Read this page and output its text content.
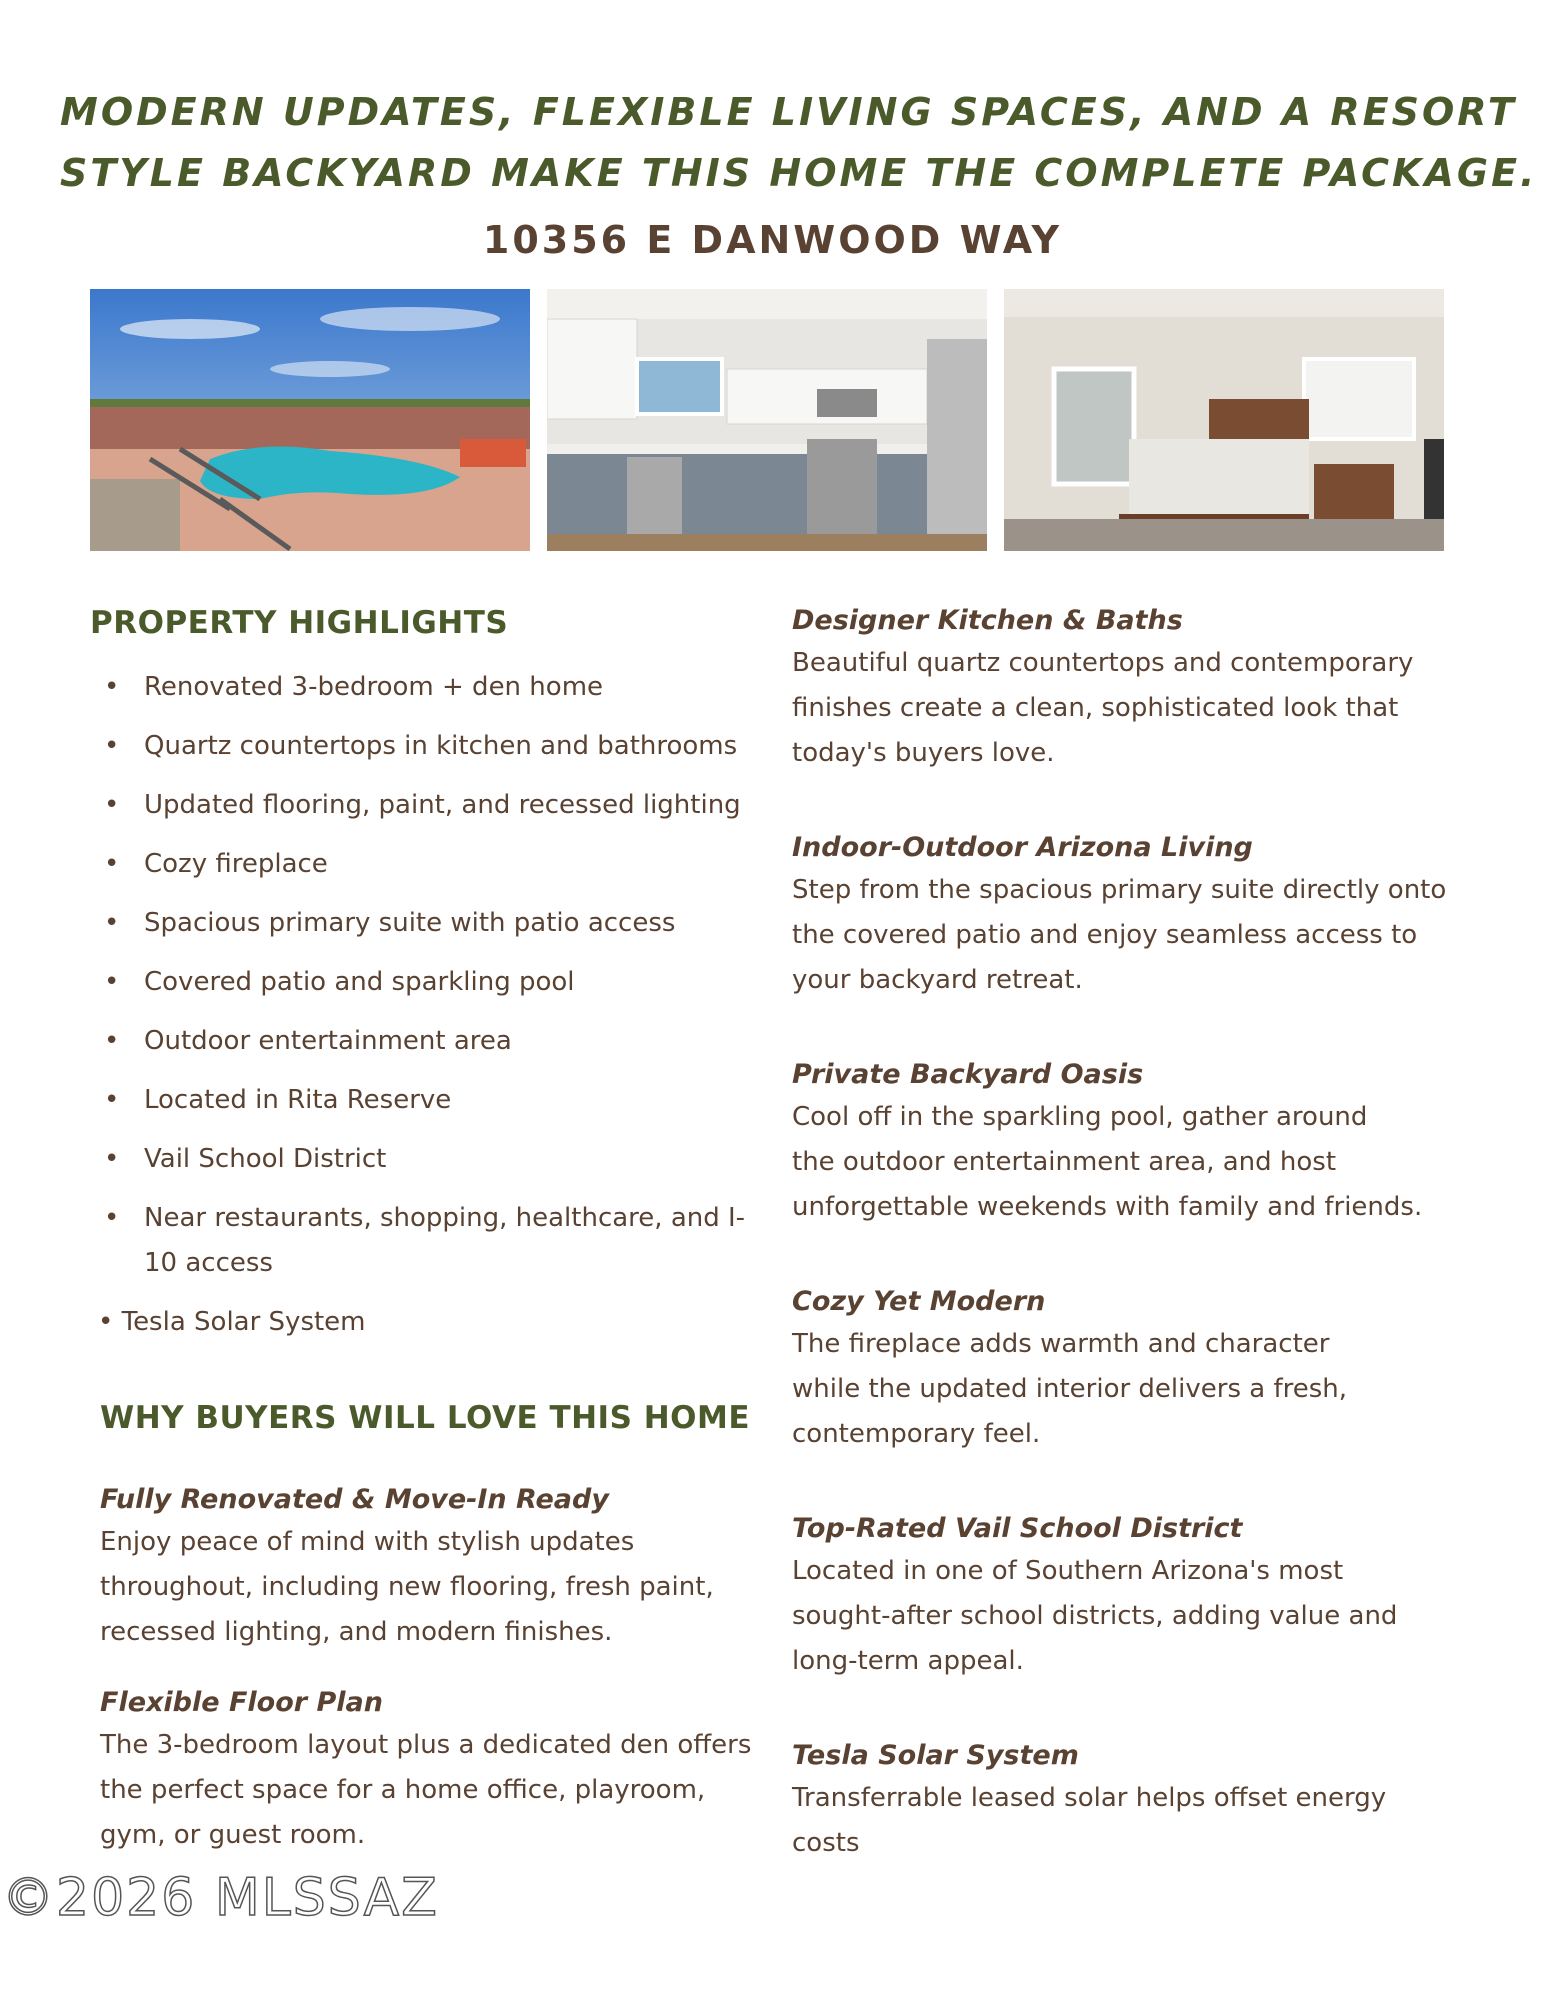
MODERN UPDATES, FLEXIBLE LIVING SPACES, AND A RESORT
STYLE BACKYARD MAKE THIS HOME THE COMPLETE PACKAGE.
10356 E DANWOOD WAY
PROPERTY HIGHLIGHTS
• Renovated 3-bedroom + den home
• Quartz countertops in kitchen and bathrooms
• Updated flooring, paint, and recessed lighting
• Cozy fireplace
• Spacious primary suite with patio access
• Covered patio and sparkling pool
• Outdoor entertainment area
• Located in Rita Reserve
• Vail School District
• Near restaurants, shopping, healthcare, and I-10 access
• Tesla Solar System
WHY BUYERS WILL LOVE THIS HOME
Fully Renovated & Move-In Ready
Enjoy peace of mind with stylish updates
throughout, including new flooring, fresh paint,
recessed lighting, and modern finishes.
Flexible Floor Plan
The 3-bedroom layout plus a dedicated den offers
the perfect space for a home office, playroom,
gym, or guest room.
Designer Kitchen & Baths
Beautiful quartz countertops and contemporary
finishes create a clean, sophisticated look that
today's buyers love.
Indoor-Outdoor Arizona Living
Step from the spacious primary suite directly onto
the covered patio and enjoy seamless access to
your backyard retreat.
Private Backyard Oasis
Cool off in the sparkling pool, gather around
the outdoor entertainment area, and host
unforgettable weekends with family and friends.
Cozy Yet Modern
The fireplace adds warmth and character
while the updated interior delivers a fresh,
contemporary feel.
Top-Rated Vail School District
Located in one of Southern Arizona's most
sought-after school districts, adding value and
long-term appeal.
Tesla Solar System
Transferrable leased solar helps offset energy
costs
©2026 MLSSAZ
